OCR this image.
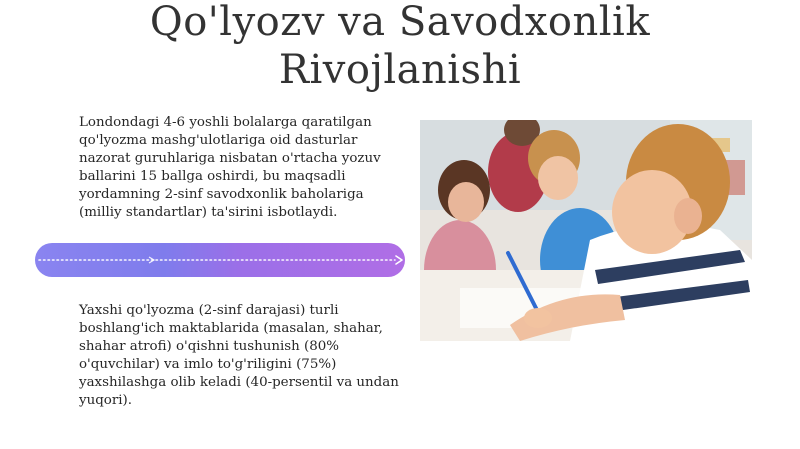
Qo'lyozv va Savodxonlik Rivojlanishi

Londondagi 4-6 yoshli bolalarga qaratilgan qo'lyozma mashg'ulotlariga oid dasturlar nazorat guruhlariga nisbatan o'rtacha yozuv ballarini 15 ballga oshirdi, bu maqsadli yordamning 2-sinf savodxonlik baholariga (milliy standartlar) ta'sirini isbotlaydi.

Yaxshi qo'lyozma (2-sinf darajasi) turli boshlang'ich maktablarida (masalan, shahar, shahar atrofi) o'qishni tushunish (80% o'quvchilar) va imlo to'g'riligini (75%) yaxshilashga olib keladi (40-persentil va undan yuqori).
